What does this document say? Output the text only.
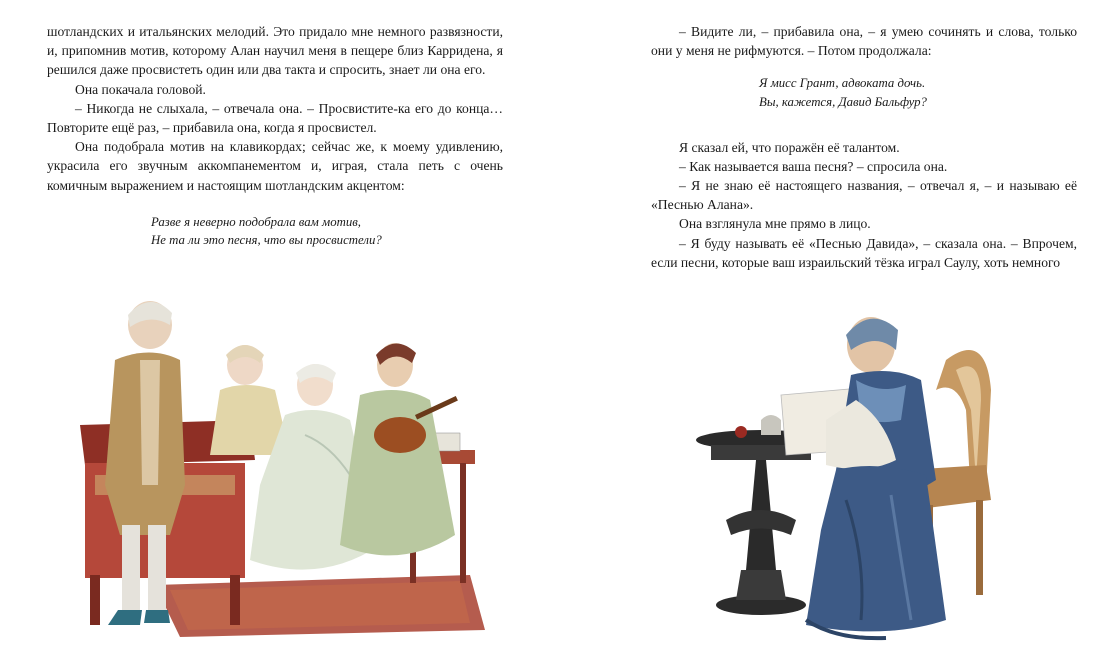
шотландских и итальянских мелодий. Это придало мне немного развязности, и, припомнив мотив, которому Алан научил меня в пещере близ Карридена, я решился даже просвистеть один или два такта и спросить, знает ли она его.

Она покачала головой.

– Никогда не слыхала, – отвечала она. – Просвистите-ка его до конца… Повторите ещё раз, – прибавила она, когда я просвистел.

Она подобрала мотив на клавикордах; сейчас же, к моему удивлению, украсила его звучным аккомпанементом и, играя, стала петь с очень комичным выражением и настоящим шотландским акцентом:

Разве я неверно подобрала вам мотив,
Не та ли это песня, что вы просвистели?

– Видите ли, – прибавила она, – я умею сочинять и слова, только они у меня не рифмуются. – Потом продолжала:

Я мисс Грант, адвоката дочь.
Вы, кажется, Давид Бальфур?

Я сказал ей, что поражён её талантом.

– Как называется ваша песня? – спросила она.

– Я не знаю её настоящего названия, – отвечал я, – и называю её «Песнью Алана».

Она взглянула мне прямо в лицо.

– Я буду называть её «Песнью Давида», – сказала она. – Впрочем, если песни, которые ваш израильский тёзка играл Саулу, хоть немного
